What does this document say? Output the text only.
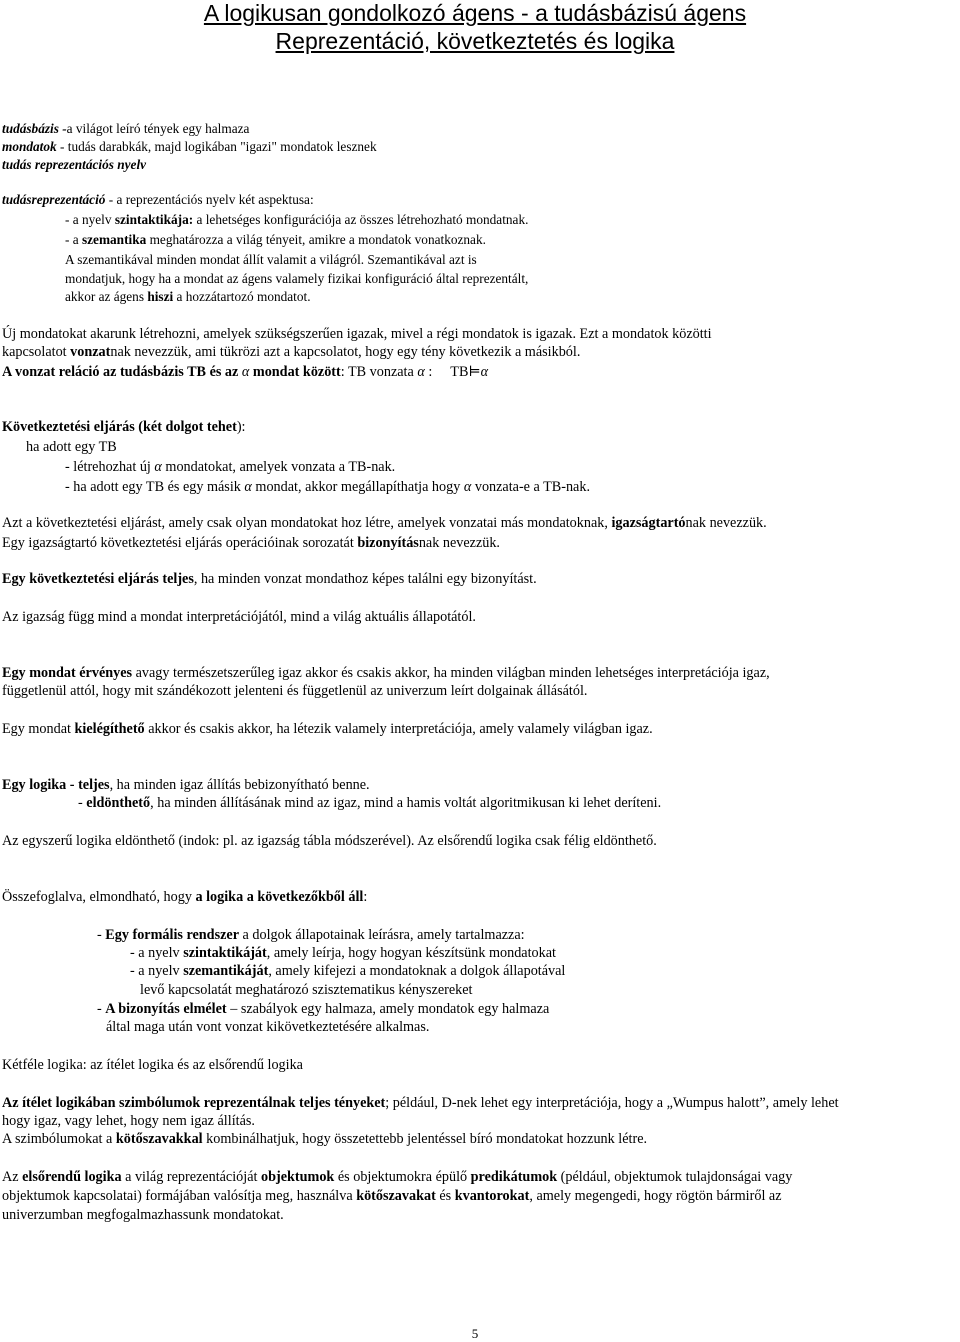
A logikusan gondolkozó ágens - a tudásbázisú ágens
Reprezentáció, következtetés és logika
tudásbázis -a világot leíró tények egy halmaza
mondatok - tudás darabkák, majd logikában "igazi" mondatok lesznek
tudás reprezentációs nyelv
tudásreprezentáció - a reprezentációs nyelv két aspektusa:
- a nyelv szintaktikája: a lehetséges konfigurációja az összes létrehozható mondatnak.
- a szemantika meghatározza a világ tényeit, amikre a mondatok vonatkoznak.
A szemantikával minden mondat állít valamit a világról. Szemantikával azt is
mondatjuk, hogy ha a mondat az ágens valamely fizikai konfiguráció által reprezentált,
akkor az ágens hiszi a hozzátartozó mondatot.
Új mondatokat akarunk létrehozni, amelyek szükségszerűen igazak, mivel a régi mondatok is igazak. Ezt a mondatok közötti
kapcsolatot vonzatnak nevezzük, ami tükrözi azt a kapcsolatot, hogy egy tény következik a másikból.
A vonzat reláció az tudásbázis TB és az α mondat között: TB vonzata α : TB⊨α
Következtetési eljárás (két dolgot tehet):
ha adott egy TB
- létrehozhat új α mondatokat, amelyek vonzata a TB-nak.
- ha adott egy TB és egy másik α mondat, akkor megállapíthatja hogy α vonzata-e a TB-nak.
Azt a következtetési eljárást, amely csak olyan mondatokat hoz létre, amelyek vonzatai más mondatoknak, igazságtartónak nevezzük.
Egy igazságtartó következtetési eljárás operációinak sorozatát bizonyításnak nevezzük.
Egy következtetési eljárás teljes, ha minden vonzat mondathoz képes találni egy bizonyítást.
Az igazság függ mind a mondat interpretációjától, mind a világ aktuális állapotától.
Egy mondat érvényes avagy természetszerűleg igaz akkor és csakis akkor, ha minden világban minden lehetséges interpretációja igaz,
függetlenül attól, hogy mit szándékozott jelenteni és függetlenül az univerzum leírt dolgainak állásától.
Egy mondat kielégíthető akkor és csakis akkor, ha létezik valamely interpretációja, amely valamely világban igaz.
Egy logika - teljes, ha minden igaz állítás bebizonyítható benne.
- eldönthető, ha minden állításának mind az igaz, mind a hamis voltát algoritmikusan ki lehet deríteni.
Az egyszerű logika eldönthető (indok: pl. az igazság tábla módszerével). Az elsőrendű logika csak félig eldönthető.
Összefoglalva, elmondható, hogy a logika a következőkből áll:
- Egy formális rendszer a dolgok állapotainak leírásra, amely tartalmazza:
- a nyelv szintaktikáját, amely leírja, hogy hogyan készítsünk mondatokat
- a nyelv szemantikáját, amely kifejezi a mondatoknak a dolgok állapotával
levő kapcsolatát meghatározó szisztematikus kényszereket
- A bizonyítás elmélet – szabályok egy halmaza, amely mondatok egy halmaza
által maga után vont vonzat kikövetkeztetésére alkalmas.
Kétféle logika: az ítélet logika és az elsőrendű logika
Az ítélet logikában szimbólumok reprezentálnak teljes tényeket; például, D-nek lehet egy interpretációja, hogy a „Wumpus halott”, amely lehet
hogy igaz, vagy lehet, hogy nem igaz állítás.
A szimbólumokat a kötőszavakkal kombinálhatjuk, hogy összetettebb jelentéssel bíró mondatokat hozzunk létre.
Az elsőrendű logika a világ reprezentációját objektumok és objektumokra épülő predikátumok (például, objektumok tulajdonságai vagy
objektumok kapcsolatai) formájában valósítja meg, használva kötőszavakat és kvantorokat, amely megengedi, hogy rögtön bármiről az
univerzumban megfogalmazhassunk mondatokat.
5
